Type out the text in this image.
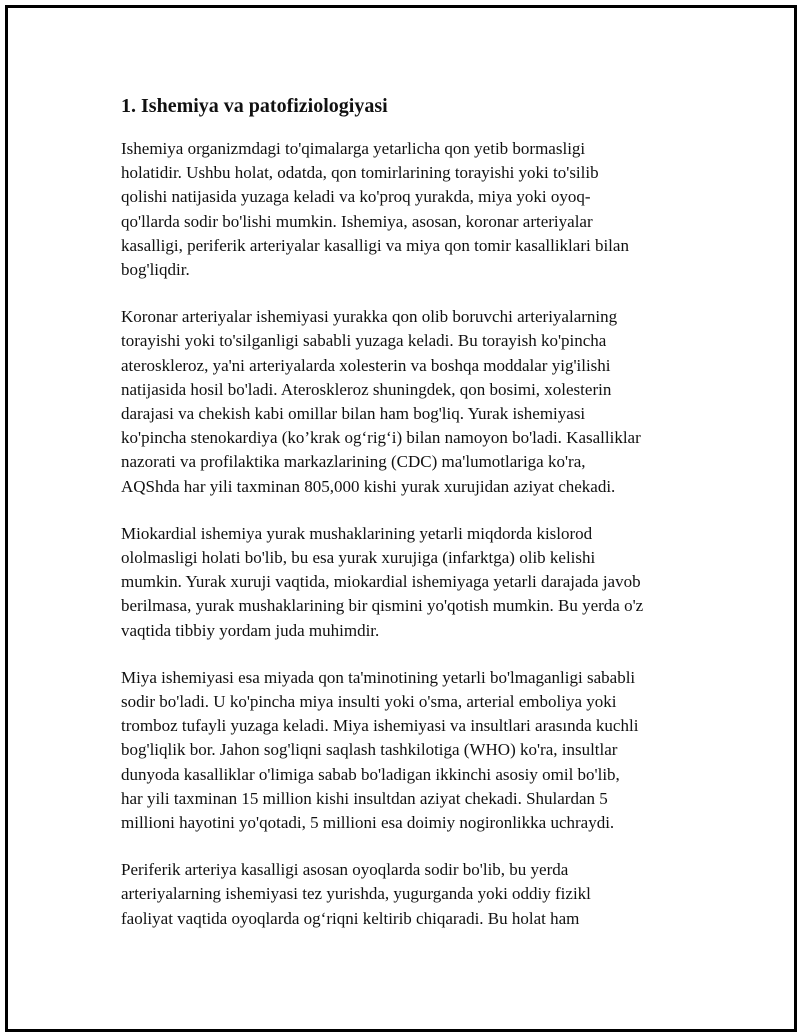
1. Ishemiya va patofiziologiyasi
Ishemiya organizmdagi to'qimalarga yetarlicha qon yetib bormasligi
holatidir. Ushbu holat, odatda, qon tomirlarining torayishi yoki to'silib
qolishi natijasida yuzaga keladi va ko'proq yurakda, miya yoki oyoq-
qo'llarda sodir bo'lishi mumkin. Ishemiya, asosan, koronar arteriyalar
kasalligi, periferik arteriyalar kasalligi va miya qon tomir kasalliklari bilan
bog'liqdir.
Koronar arteriyalar ishemiyasi yurakka qon olib boruvchi arteriyalarning
torayishi yoki to'silganligi sababli yuzaga keladi. Bu torayish ko'pincha
ateroskleroz, ya'ni arteriyalarda xolesterin va boshqa moddalar yig'ilishi
natijasida hosil bo'ladi. Ateroskleroz shuningdek, qon bosimi, xolesterin
darajasi va chekish kabi omillar bilan ham bog'liq. Yurak ishemiyasi
ko'pincha stenokardiya (ko’krak og‘rig‘i) bilan namoyon bo'ladi. Kasalliklar
nazorati va profilaktika markazlarining (CDC) ma'lumotlariga ko'ra,
AQShda har yili taxminan 805,000 kishi yurak xurujidan aziyat chekadi.
Miokardial ishemiya yurak mushaklarining yetarli miqdorda kislorod
ololmasligi holati bo'lib, bu esa yurak xurujiga (infarktga) olib kelishi
mumkin. Yurak xuruji vaqtida, miokardial ishemiyaga yetarli darajada javob
berilmasa, yurak mushaklarining bir qismini yo'qotish mumkin. Bu yerda o'z
vaqtida tibbiy yordam juda muhimdir.
Miya ishemiyasi esa miyada qon ta'minotining yetarli bo'lmaganligi sababli
sodir bo'ladi. U ko'pincha miya insulti yoki o'sma, arterial emboliya yoki
tromboz tufayli yuzaga keladi. Miya ishemiyasi va insultlari arasında kuchli
bog'liqlik bor. Jahon sog'liqni saqlash tashkilotiga (WHO) ko'ra, insultlar
dunyoda kasalliklar o'limiga sabab bo'ladigan ikkinchi asosiy omil bo'lib,
har yili taxminan 15 million kishi insultdan aziyat chekadi. Shulardan 5
millioni hayotini yo'qotadi, 5 millioni esa doimiy nogironlikka uchraydi.
Periferik arteriya kasalligi asosan oyoqlarda sodir bo'lib, bu yerda
arteriyalarning ishemiyasi tez yurishda, yugurganda yoki oddiy fizikl
faoliyat vaqtida oyoqlarda og‘riqni keltirib chiqaradi. Bu holat ham
